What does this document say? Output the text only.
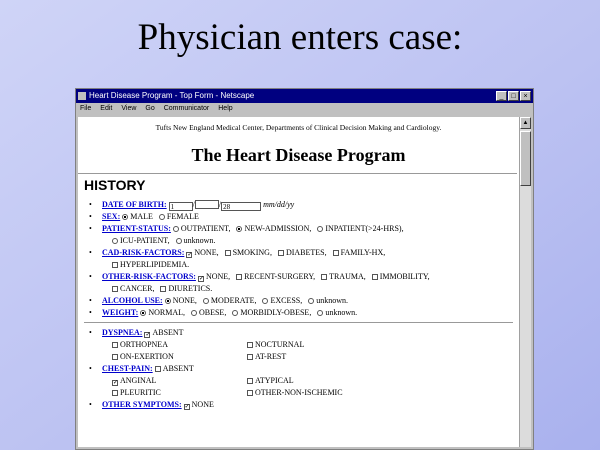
Physician enters case:
Heart Disease Program - Top Form - Netscape	_	□	×
File Edit View Go Communicator Help
Tufts New England Medical Center, Departments of Clinical Decision Making and Cardiology.
The Heart Disease Program
HISTORY
• DATE OF BIRTH: 1 /	/ 28	mm/dd/yy
• SEX: MALE FEMALE
• PATIENT-STATUS: OUTPATIENT, NEW-ADMISSION, INPATIENT(>24-HRS),
ICU-PATIENT, unknown.
• CAD-RISK-FACTORS: ✓ NONE, SMOKING, DIABETES, FAMILY-HX,
HYPERLIPIDEMIA.
• OTHER-RISK-FACTORS: ✓ NONE, RECENT-SURGERY, TRAUMA, IMMOBILITY,
CANCER, DIURETICS.
• ALCOHOL USE: NONE, MODERATE, EXCESS, unknown.
• WEIGHT: NORMAL, OBESE, MORBIDLY-OBESE, unknown.
• DYSPNEA: ✓ ABSENT
ORTHOPNEA	NOCTURNAL
ON-EXERTION	AT-REST
• CHEST-PAIN: ABSENT
✓ANGINAL	ATYPICAL
PLEURITIC	OTHER-NON-ISCHEMIC
• OTHER SYMPTOMS: ✓ NONE
▲
